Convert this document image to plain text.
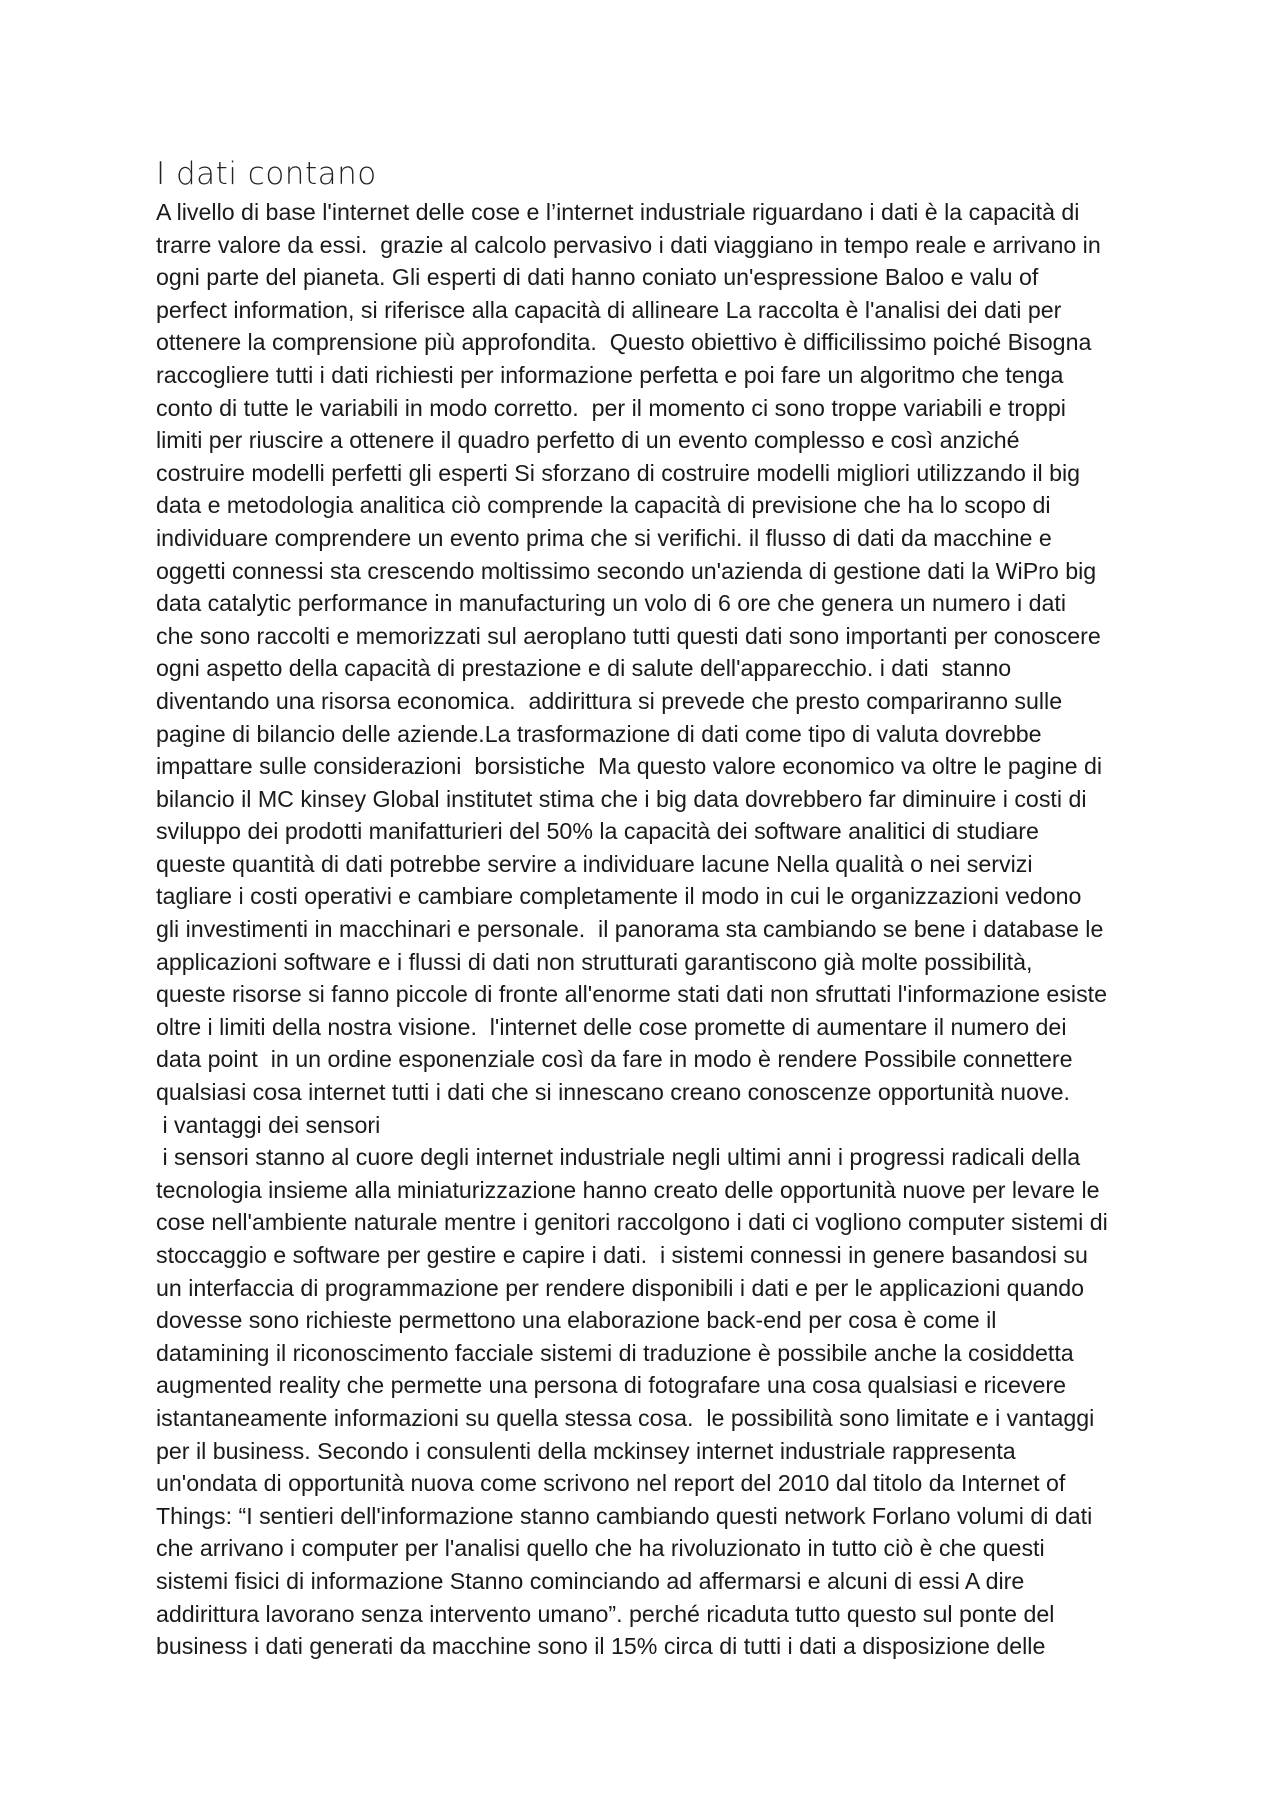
I dati contano
A livello di base l'internet delle cose e l’internet industriale riguardano i dati è la capacità di
trarre valore da essi.  grazie al calcolo pervasivo i dati viaggiano in tempo reale e arrivano in
ogni parte del pianeta. Gli esperti di dati hanno coniato un'espressione Baloo e valu of
perfect information, si riferisce alla capacità di allineare La raccolta è l'analisi dei dati per
ottenere la comprensione più approfondita.  Questo obiettivo è difficilissimo poiché Bisogna
raccogliere tutti i dati richiesti per informazione perfetta e poi fare un algoritmo che tenga
conto di tutte le variabili in modo corretto.  per il momento ci sono troppe variabili e troppi
limiti per riuscire a ottenere il quadro perfetto di un evento complesso e così anziché
costruire modelli perfetti gli esperti Si sforzano di costruire modelli migliori utilizzando il big
data e metodologia analitica ciò comprende la capacità di previsione che ha lo scopo di
individuare comprendere un evento prima che si verifichi. il flusso di dati da macchine e
oggetti connessi sta crescendo moltissimo secondo un'azienda di gestione dati la WiPro big
data catalytic performance in manufacturing un volo di 6 ore che genera un numero i dati
che sono raccolti e memorizzati sul aeroplano tutti questi dati sono importanti per conoscere
ogni aspetto della capacità di prestazione e di salute dell'apparecchio. i dati  stanno
diventando una risorsa economica.  addirittura si prevede che presto compariranno sulle
pagine di bilancio delle aziende.La trasformazione di dati come tipo di valuta dovrebbe
impattare sulle considerazioni  borsistiche  Ma questo valore economico va oltre le pagine di
bilancio il MC kinsey Global institutet stima che i big data dovrebbero far diminuire i costi di
sviluppo dei prodotti manifatturieri del 50% la capacità dei software analitici di studiare
queste quantità di dati potrebbe servire a individuare lacune Nella qualità o nei servizi
tagliare i costi operativi e cambiare completamente il modo in cui le organizzazioni vedono
gli investimenti in macchinari e personale.  il panorama sta cambiando se bene i database le
applicazioni software e i flussi di dati non strutturati garantiscono già molte possibilità,
queste risorse si fanno piccole di fronte all'enorme stati dati non sfruttati l'informazione esiste
oltre i limiti della nostra visione.  l'internet delle cose promette di aumentare il numero dei
data point  in un ordine esponenziale così da fare in modo è rendere Possibile connettere
qualsiasi cosa internet tutti i dati che si innescano creano conoscenze opportunità nuove.
i vantaggi dei sensori
i sensori stanno al cuore degli internet industriale negli ultimi anni i progressi radicali della
tecnologia insieme alla miniaturizzazione hanno creato delle opportunità nuove per levare le
cose nell'ambiente naturale mentre i genitori raccolgono i dati ci vogliono computer sistemi di
stoccaggio e software per gestire e capire i dati.  i sistemi connessi in genere basandosi su
un interfaccia di programmazione per rendere disponibili i dati e per le applicazioni quando
dovesse sono richieste permettono una elaborazione back-end per cosa è come il
datamining il riconoscimento facciale sistemi di traduzione è possibile anche la cosiddetta
augmented reality che permette una persona di fotografare una cosa qualsiasi e ricevere
istantaneamente informazioni su quella stessa cosa.  le possibilità sono limitate e i vantaggi
per il business. Secondo i consulenti della mckinsey internet industriale rappresenta
un'ondata di opportunità nuova come scrivono nel report del 2010 dal titolo da Internet of
Things: “I sentieri dell'informazione stanno cambiando questi network Forlano volumi di dati
che arrivano i computer per l'analisi quello che ha rivoluzionato in tutto ciò è che questi
sistemi fisici di informazione Stanno cominciando ad affermarsi e alcuni di essi A dire
addirittura lavorano senza intervento umano”. perché ricaduta tutto questo sul ponte del
business i dati generati da macchine sono il 15% circa di tutti i dati a disposizione delle
